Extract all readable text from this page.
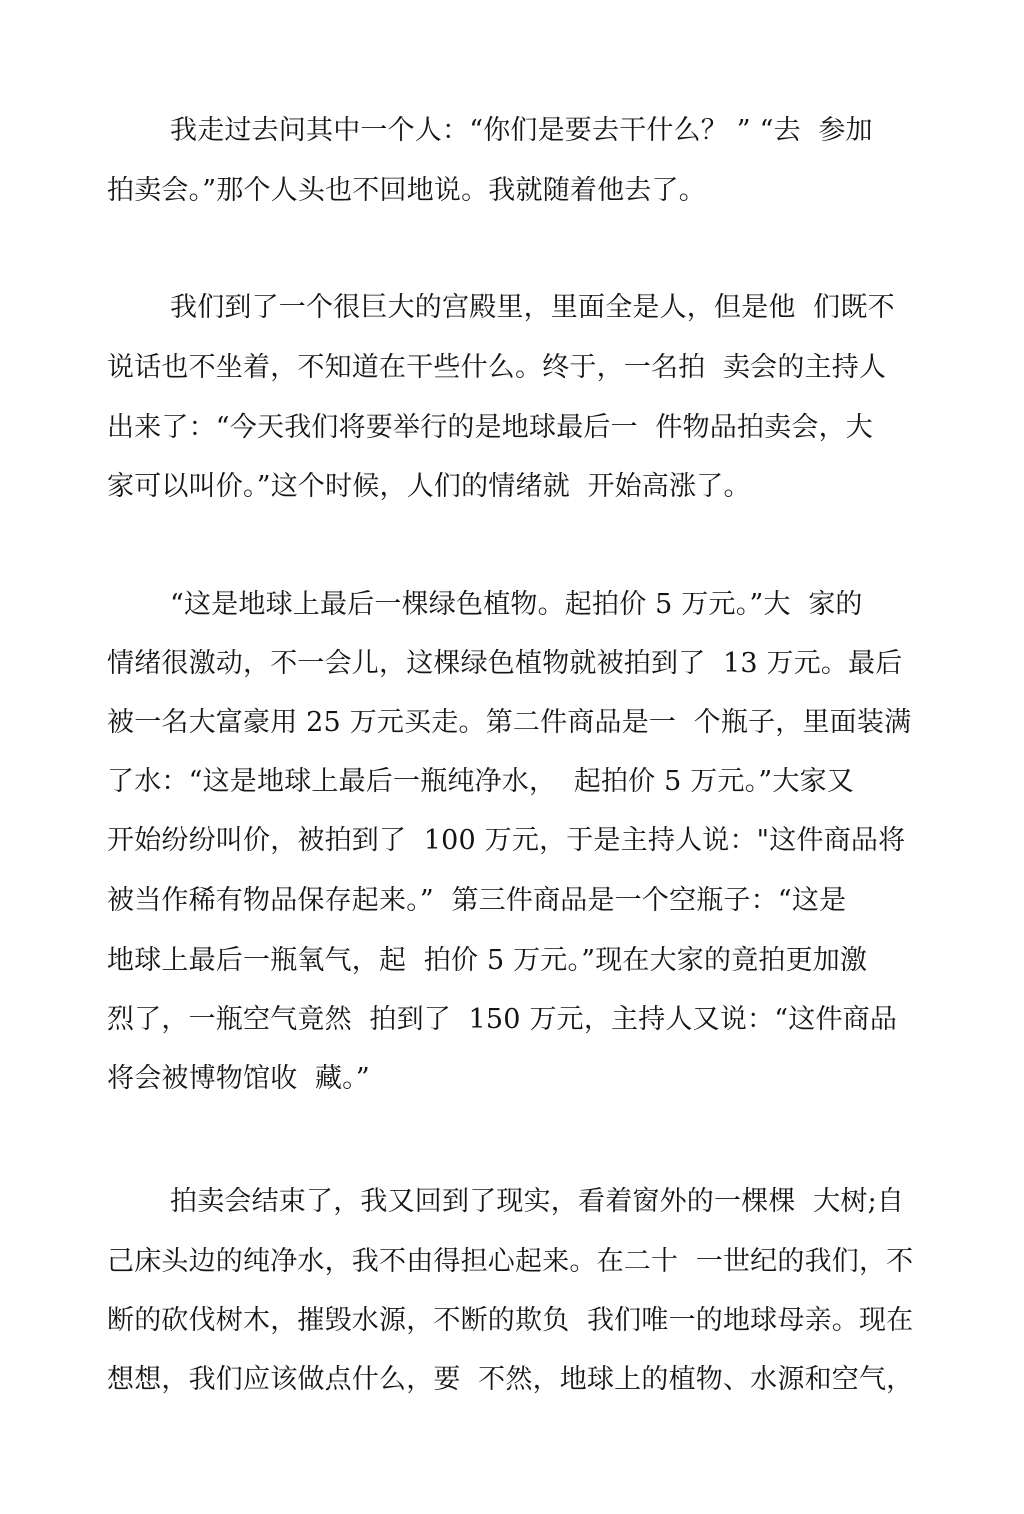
我走过去问其中一个人：“你们是要去干什么？ ” “去  参加
拍卖会。”那个人头也不回地说。我就随着他去了。
我们到了一个很巨大的宫殿里，里面全是人，但是他  们既不
说话也不坐着，不知道在干些什么。终于，一名拍  卖会的主持人
出来了：“今天我们将要举行的是地球最后一  件物品拍卖会，大
家可以叫价。”这个时候，人们的情绪就  开始高涨了。
“这是地球上最后一棵绿色植物。起拍价 5 万元。”大  家的
情绪很激动，不一会儿，这棵绿色植物就被拍到了  13 万元。最后
被一名大富豪用 25 万元买走。第二件商品是一  个瓶子，里面装满
了水：“这是地球上最后一瓶纯净水，  起拍价 5 万元。”大家又
开始纷纷叫价，被拍到了  100 万元，于是主持人说："这件商品将
被当作稀有物品保存起来。”  第三件商品是一个空瓶子：“这是
地球上最后一瓶氧气，起  拍价 5 万元。”现在大家的竟拍更加激
烈了，一瓶空气竟然  拍到了  150 万元，主持人又说：“这件商品
将会被博物馆收  藏。”
拍卖会结束了，我又回到了现实，看着窗外的一棵棵  大树;自
己床头边的纯净水，我不由得担心起来。在二十  一世纪的我们，不
断的砍伐树木，摧毁水源，不断的欺负  我们唯一的地球母亲。现在
想想，我们应该做点什么，要  不然，地球上的植物、水源和空气，
